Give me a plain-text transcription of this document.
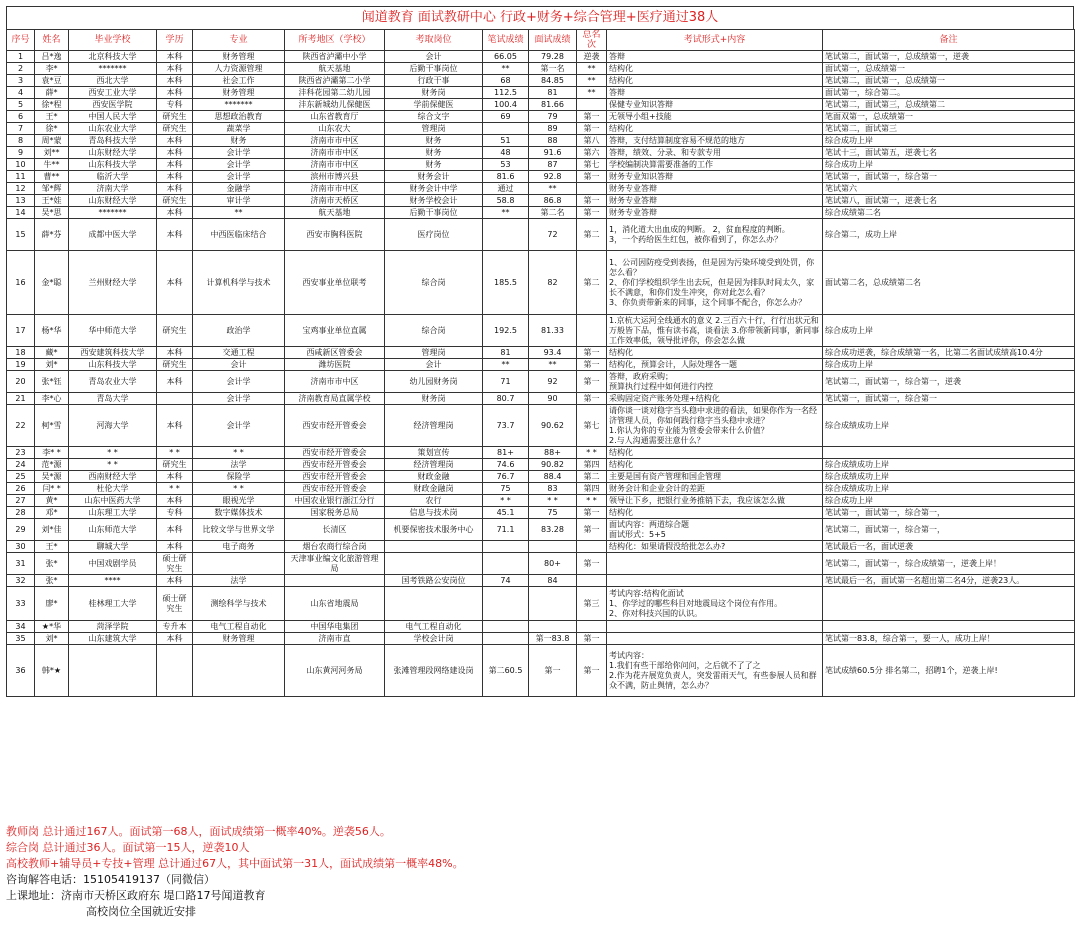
闻道教育 面试教研中心 行政+财务+综合管理+医疗通过38人
序号	姓名	毕业学校	学历	专业	所考地区（学校）	考取岗位	笔试成绩	面试成绩	总名次	考试形式+内容	备注
1	吕*逸	北京科技大学	本科	财务管理	陕西省泸灞中小学	会计	66.05	79.28	逆袭	答辩	笔试第二，面试第一，总成绩第一，逆袭
2	李*	*******	本科	人力资源管理	航天基地	后勤干事岗位	**	第一名	**	结构化	面试第一，总成绩第一
3	袁*豆	西北大学	本科	社会工作	陕西省泸灞第二小学	行政干事	68	84.85	**	结构化	笔试第二，面试第一，总成绩第一
4	薛*	西安工业大学	本科	财务管理	沣科花园第二幼儿园	财务岗	112.5	81	**	答辩	面试第一，综合第二。
5	徐*程	西安医学院	专科	*******	沣东新城幼儿保健医	学前保健医	100.4	81.66		保健专业知识答辩	笔试第二，面试第三，总成绩第二
6	王*	中国人民大学	研究生	思想政治教育	山东省教育厅	综合文字	69	79	第一	无领导小组+技能	笔面双第一，总成绩第一
7	徐*	山东农业大学	研究生	蔬菜学	山东农大	管理岗		89	第一	结构化	笔试第二，面试第三
8	周*蒙	青岛科技大学	本科	财务	济南市市中区	财务	51	88	第八	答辩，支付结算制度容易不规范的地方	综合成功上岸
9	刘**	山东财经大学	本科	会计学	济南市市中区	财务	48	91.6	第六	答辩，绩效、分录、和专款专用	笔试十三，面试第五，逆袭七名
10	牛**	山东科技大学	本科	会计学	济南市市中区	财务	53	87	第七	学校编制决算需要准备的工作	综合成功上岸
11	曹**	临沂大学	本科	会计学	滨州市博兴县	财务会计	81.6	92.8	第一	财务专业知识答辩	笔试第一，面试第一，综合第一
12	邹*辉	济南大学	本科	金融学	济南市市中区	财务会计中学	通过	**		财务专业答辩	笔试第六
13	王*娃	山东财经大学	研究生	审计学	济南市天桥区	财务学校会计	58.8	86.8	第一	财务专业答辩	笔试第八，面试第一，逆袭七名
14	吴*思	*******	本科	**	航天基地	后勤干事岗位	**	第二名	第一	财务专业答辩	综合成绩第二名
15	薛*芬	成都中医大学	本科	中西医临床结合	西安市胸科医院	医疗岗位		72	第二	1，消化道大出血成的判断。 2，贫血程度的判断。
3，一个药给医生红包，被你看到了，你怎么办？	综合第二，成功上岸
16	金*聪	兰州财经大学	本科	计算机科学与技术	西安事业单位联考	综合岗	185.5	82	第二	1、公司因防疫受到表扬，但是因为污染环境受到处罚，你怎么看？
2、你们学校组织学生出去玩，但是因为排队时间太久，家长不满意，和你们发生冲突，你对此怎么看？
3、你负责带新来的同事，这个同事不配合，你怎么办？	面试第二名，总成绩第二名
17	杨*华	华中师范大学	研究生	政治学	宝鸡事业单位直属	综合岗	192.5	81.33		1.京杭大运河全线通水的意义 2.三百六十行，行行出状元和万般皆下品，惟有读书高，谈看法 3.你带领新同事，新同事工作效率低，领导批评你，你会怎么做	综合成功上岸
18	藏*	西安建筑科技大学	本科	交通工程	西咸新区管委会	管理岗	81	93.4	第一	结构化	综合成功逆袭，综合成绩第一名，比第二名面试成绩高10.4分
19	刘*	山东科技大学	研究生	会计	潍坊医院	会计	**	**	第一	结构化，预算会计，人际处理各一题	综合成功上岸
20	张*钰	青岛农业大学	本科	会计学	济南市市中区	幼儿园财务岗	71	92	第一	答辩，政府采购；
预算执行过程中如何进行内控	笔试第二，面试第一，综合第一，逆袭
21	李*心	青岛大学		会计学	济南教育局直属学校	财务岗	80.7	90	第一	采购固定资产账务处理+结构化	笔试第一，面试第一，综合第一
22	柯*雪	河海大学	本科	会计学	西安市经开管委会	经济管理岗	73.7	90.62	第七	请你谈一谈对稳字当头稳中求进的看法，如果你作为一名经济管理人员，你如何践行稳字当头稳中求进？
1.你认为你的专业能为管委会带来什么价值？
2.与人沟通需要注意什么？	综合成绩成功上岸
23	李* *	* *	* *	* *	西安市经开管委会	策划宣传	81+	88+	* *	结构化	
24	范*源	* *	研究生	法学	西安市经开管委会	经济管理岗	74.6	90.82	第四	结构化	综合成绩成功上岸
25	吴*源	西南财经大学	本科	保险学	西安市经开管委会	财政金融	76.7	88.4	第二	主要是国有资产管理和国企管理	综合成绩成功上岸
26	闫* *	杜伦大学	* *	* *	西安市经开管委会	财政金融岗	75	83	第四	财务会计和企业会计的差距	综合成绩成功上岸
27	黄*	山东中医药大学	本科	眼视光学	中国农业银行浙江分行	农行	* *	* *	* *	领导让下乡，把银行业务推销下去，我应该怎么做	综合成功上岸
28	邓*	山东理工大学	专科	数字媒体技术	国家税务总局	信息与技术岗	45.1	75	第一	结构化	笔试第一，面试第一，综合第一，
29	刘*佳	山东师范大学	本科	比较文学与世界文学	长清区	机要保密技术服务中心	71.1	83.28	第一	面试内容：两道综合题
面试形式：5+5	笔试第二，面试第一，综合第一，
30	王*	聊城大学	本科	电子商务	烟台农商行综合岗					结构化：如果请假没给批怎么办?	笔试最后一名，面试逆袭
31	张*	中国戏剧学员	硕士研究生		天津事业编文化旅游管理局			80+	第一		笔试第二，面试第一，综合成绩第一，逆袭上岸！
32	张*	****	本科	法学		国考铁路公安岗位	74	84			笔试最后一名，面试第一名超出第二名4分，逆袭23人。
33	廖*	桂林理工大学	硕士研究生	测绘科学与技术	山东省地震局				第三	考试内容:结构化面试
1、你学过的哪些科目对地震局这个岗位有作用。
2、你对科技兴国的认识。	
34	★*华	菏泽学院	专升本	电气工程自动化	中国华电集团	电气工程自动化					
35	刘*	山东建筑大学	本科	财务管理	济南市直	学校会计岗		第一83.8	第一		笔试第一83.8，综合第一，要一人，成功上岸！
36	韩*★				山东黄河河务局	张滩管理段网络建设岗	第二60.5	第一	第一	考试内容：
1.我们有些干部给你问问，之后就不了了之
2.作为花卉展览负责人，突发雷雨天气，有些参展人员和群众不满，防止舆情，怎么办？	笔试成绩60.5分 排名第二，招聘1个，逆袭上岸!
教师岗 总计通过167人。面试第一68人，面试成绩第一概率40%。逆袭56人。
综合岗 总计通过36人。面试第一15人，逆袭10人
高校教师+辅导员+专技+管理 总计通过67人，其中面试第一31人，面试成绩第一概率48%。
咨询解答电话：15105419137（同微信）
上课地址：济南市天桥区政府东 堤口路17号闻道教育
高校岗位全国就近安排
